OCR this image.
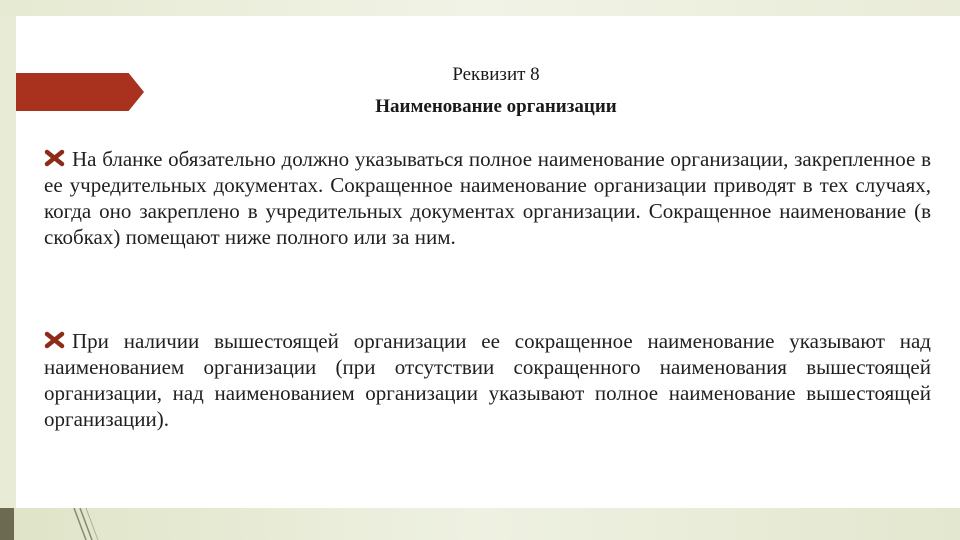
Реквизит 8
Наименование организации
На бланке обязательно должно указываться полное наименование организации, закрепленное в ее учредительных документах. Сокращенное наименование организации приводят в тех случаях, когда оно закреплено в учредительных документах организации. Сокращенное наименование (в скобках) помещают ниже полного или за ним.
При наличии вышестоящей организации ее сокращенное наименование указывают над наименованием организации (при отсутствии сокращенного наименования вышестоящей организации, над наименованием организации указывают полное наименование вышестоящей организации).
